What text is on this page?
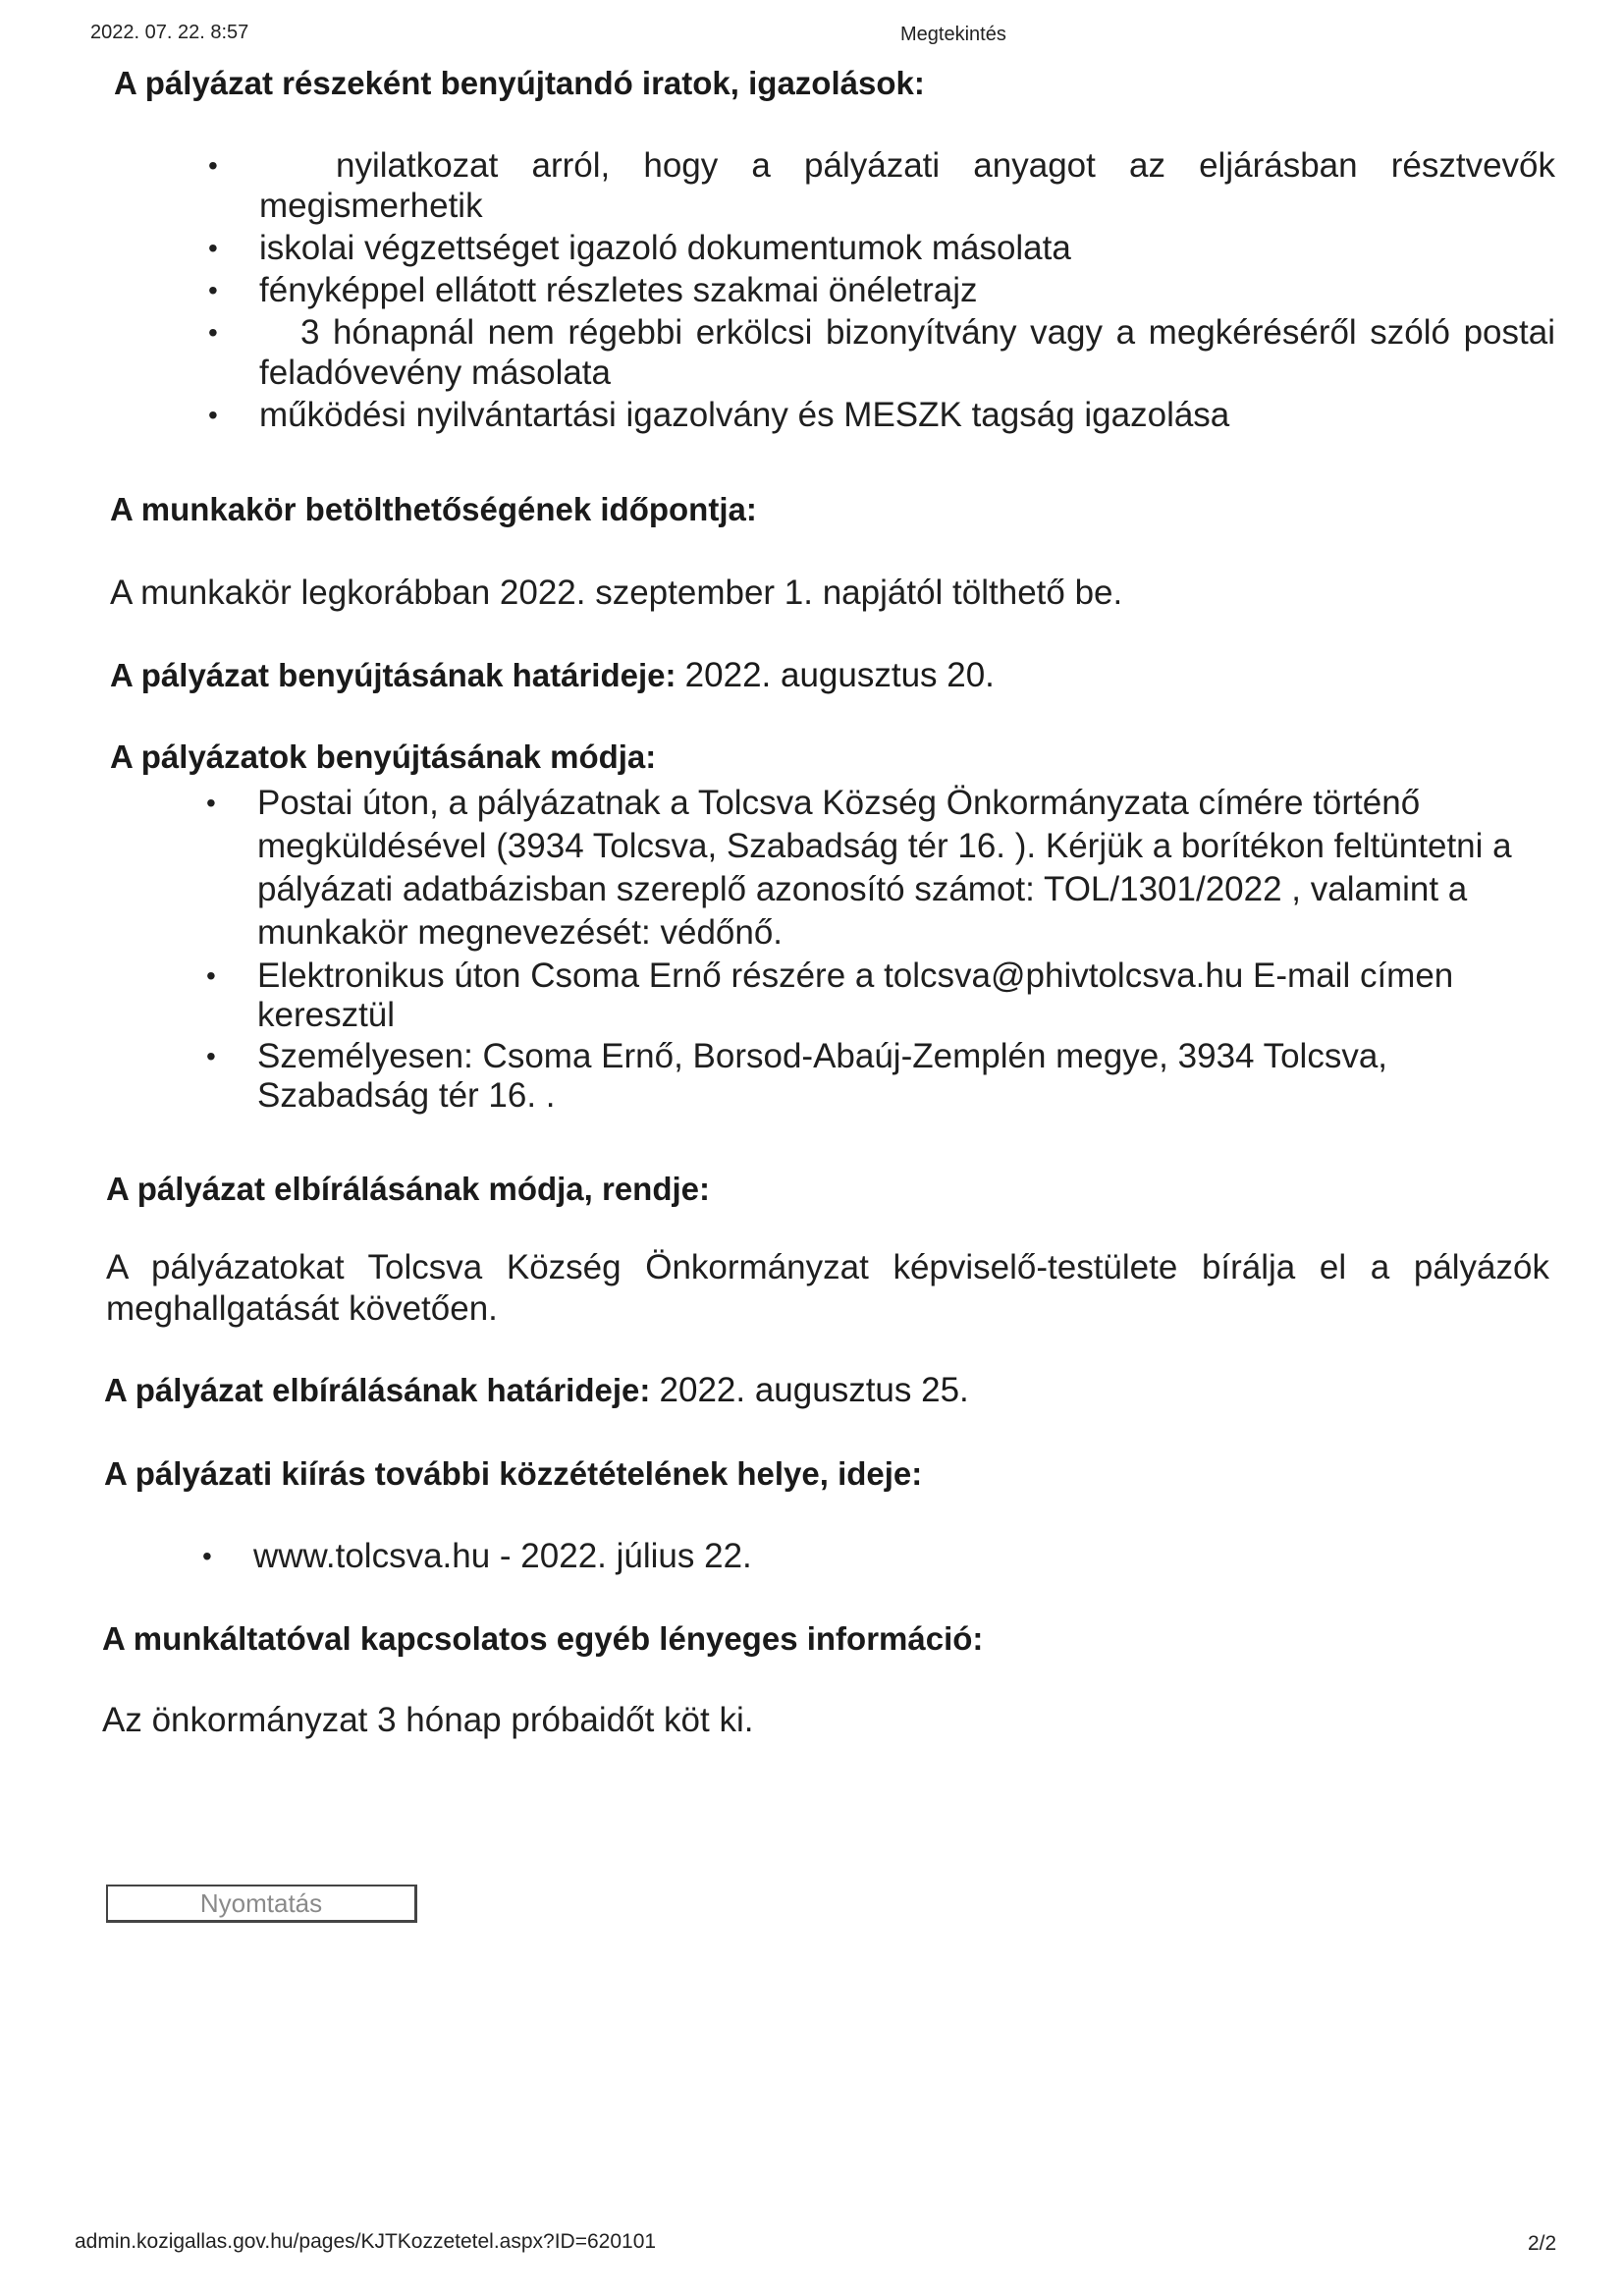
2022. 07. 22. 8:57	Megtekintés
A pályázat részeként benyújtandó iratok, igazolások:
•	nyilatkozat arról, hogy a pályázati anyagot az eljárásban résztvevők megismerhetik
• iskolai végzettséget igazoló dokumentumok másolata
• fényképpel ellátott részletes szakmai önéletrajz
• 3 hónapnál nem régebbi erkölcsi bizonyítvány vagy a megkéréséről szóló postai feladóvevény másolata
• működési nyilvántartási igazolvány és MESZK tagság igazolása
A munkakör betölthetőségének időpontja:
A munkakör legkorábban 2022. szeptember 1. napjától tölthető be.
A pályázat benyújtásának határideje: 2022. augusztus 20.
A pályázatok benyújtásának módja:
• Postai úton, a pályázatnak a Tolcsva Község Önkormányzata címére történő megküldésével (3934 Tolcsva, Szabadság tér 16. ). Kérjük a borítékon feltüntetni a pályázati adatbázisban szereplő azonosító számot: TOL/1301/2022 , valamint a munkakör megnevezését: védőnő.
• Elektronikus úton Csoma Ernő részére a tolcsva@phivtolcsva.hu E-mail címen keresztül
• Személyesen: Csoma Ernő, Borsod-Abaúj-Zemplén megye, 3934 Tolcsva, Szabadság tér 16. .
A pályázat elbírálásának módja, rendje:
A pályázatokat Tolcsva Község Önkormányzat képviselő-testülete bírálja el a pályázók meghallgatását követően.
A pályázat elbírálásának határideje: 2022. augusztus 25.
A pályázati kiírás további közzétételének helye, ideje:
• www.tolcsva.hu - 2022. július 22.
A munkáltatóval kapcsolatos egyéb lényeges információ:
Az önkormányzat 3 hónap próbaidőt köt ki.
Nyomtatás
admin.kozigallas.gov.hu/pages/KJTKozzetetel.aspx?ID=620101	2/2
